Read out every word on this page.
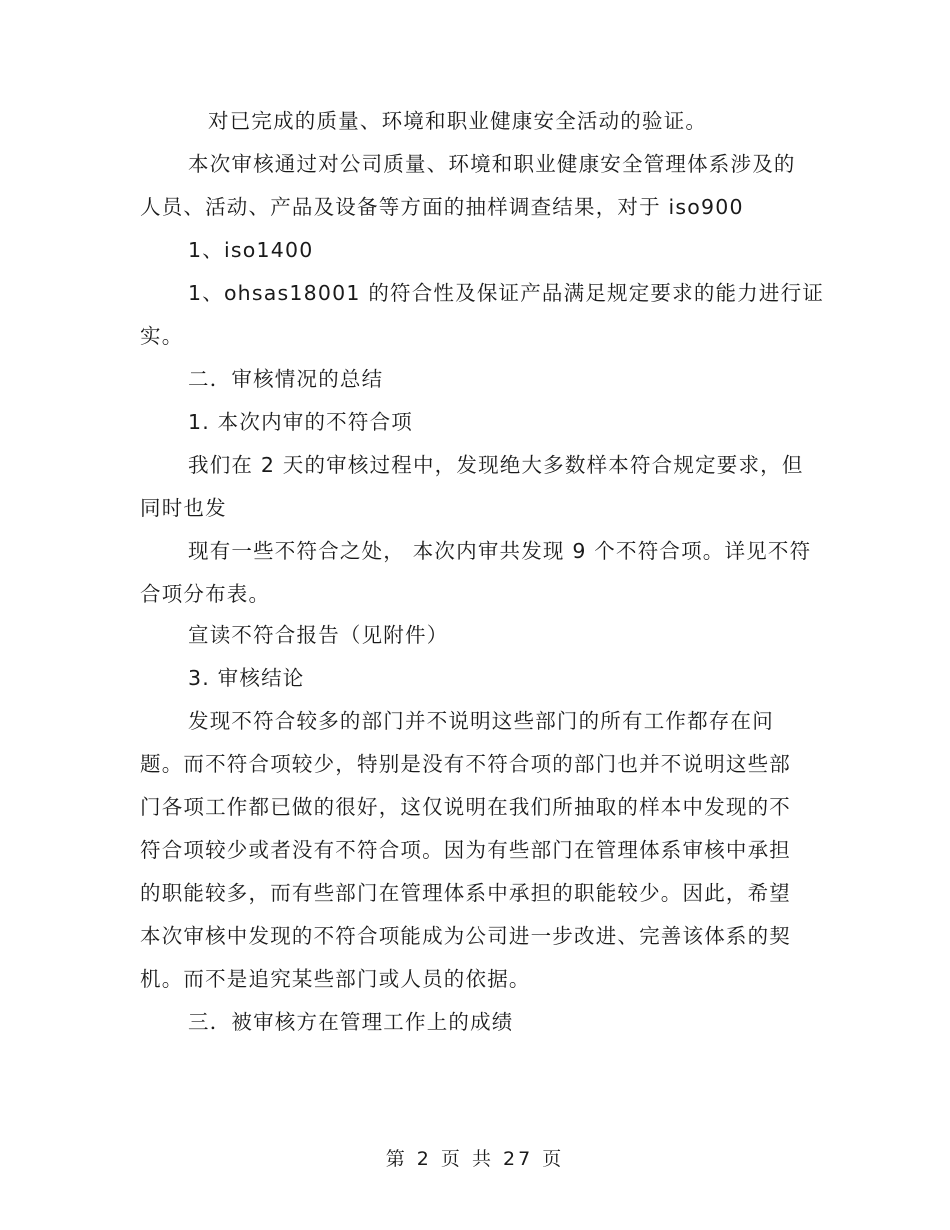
对已完成的质量、环境和职业健康安全活动的验证。
本次审核通过对公司质量、环境和职业健康安全管理体系涉及的
人员、活动、产品及设备等方面的抽样调查结果，对于 iso900
1、iso1400
1、ohsas18001 的符合性及保证产品满足规定要求的能力进行证
实。
二．审核情况的总结
1. 本次内审的不符合项
我们在 2 天的审核过程中，发现绝大多数样本符合规定要求，但
同时也发
现有一些不符合之处， 本次内审共发现 9 个不符合项。详见不符
合项分布表。
宣读不符合报告（见附件）
3. 审核结论
发现不符合较多的部门并不说明这些部门的所有工作都存在问
题。而不符合项较少，特别是没有不符合项的部门也并不说明这些部
门各项工作都已做的很好，这仅说明在我们所抽取的样本中发现的不
符合项较少或者没有不符合项。因为有些部门在管理体系审核中承担
的职能较多，而有些部门在管理体系中承担的职能较少。因此，希望
本次审核中发现的不符合项能成为公司进一步改进、完善该体系的契
机。而不是追究某些部门或人员的依据。
三．被审核方在管理工作上的成绩
第 2 页 共 27 页
